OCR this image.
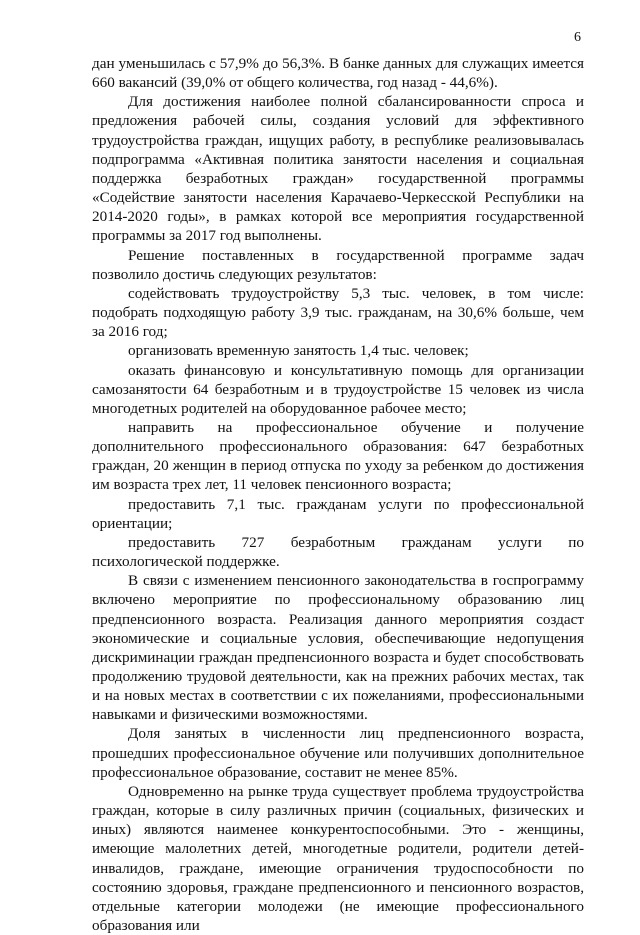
6

дан уменьшилась с 57,9% до 56,3%. В банке данных для служащих имеется 660 вакансий (39,0% от общего количества, год назад - 44,6%).

Для достижения наиболее полной сбалансированности спроса и предложения рабочей силы, создания условий для эффективного трудоустройства граждан, ищущих работу, в республике реализовывалась подпрограмма «Активная политика занятости населения и социальная поддержка безработных граждан» государственной программы «Содействие занятости населения Карачаево-Черкесской Республики на 2014-2020 годы», в рамках которой все мероприятия государственной программы за 2017 год выполнены.

Решение поставленных в государственной программе задач позволило достичь следующих результатов:

содействовать трудоустройству 5,3 тыс. человек, в том числе: подобрать подходящую работу 3,9 тыс. гражданам, на 30,6% больше, чем за 2016 год;

организовать временную занятость 1,4 тыс. человек;

оказать финансовую и консультативную помощь для организации самозанятости 64 безработным и в трудоустройстве 15 человек из числа многодетных родителей на оборудованное рабочее место;

направить на профессиональное обучение и получение дополнительного профессионального образования: 647 безработных граждан, 20 женщин в период отпуска по уходу за ребенком до достижения им возраста трех лет, 11 человек пенсионного возраста;

предоставить 7,1 тыс. гражданам услуги по профессиональной ориентации;

предоставить 727 безработным гражданам услуги по психологической поддержке.

В связи с изменением пенсионного законодательства в госпрограмму включено мероприятие по профессиональному образованию лиц предпенсионного возраста. Реализация данного мероприятия создаст экономические и социальные условия, обеспечивающие недопущения дискриминации граждан предпенсионного возраста и будет способствовать продолжению трудовой деятельности, как на прежних рабочих местах, так и на новых местах в соответствии с их пожеланиями, профессиональными навыками и физическими возможностями.

Доля занятых в численности лиц предпенсионного возраста, прошедших профессиональное обучение или получивших дополнительное профессиональное образование, составит не менее 85%.

Одновременно на рынке труда существует проблема трудоустройства граждан, которые в силу различных причин (социальных, физических и иных) являются наименее конкурентоспособными. Это - женщины, имеющие малолетних детей, многодетные родители, родители детей-инвалидов, граждане, имеющие ограничения трудоспособности по состоянию здоровья, граждане предпенсионного и пенсионного возрастов, отдельные категории молодежи (не имеющие профессионального образования или
